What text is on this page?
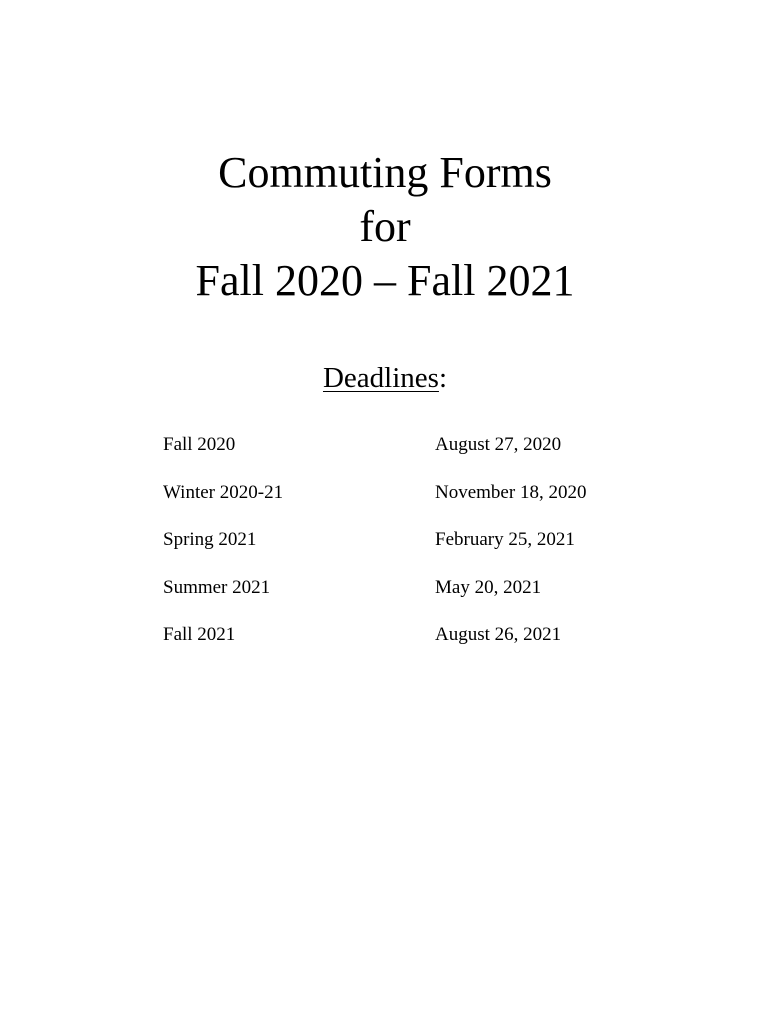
Commuting Forms
for
Fall 2020 – Fall 2021
Deadlines:
Fall 2020	August 27, 2020
Winter 2020-21	November 18, 2020
Spring 2021	February 25, 2021
Summer 2021	May 20, 2021
Fall 2021	August 26, 2021
